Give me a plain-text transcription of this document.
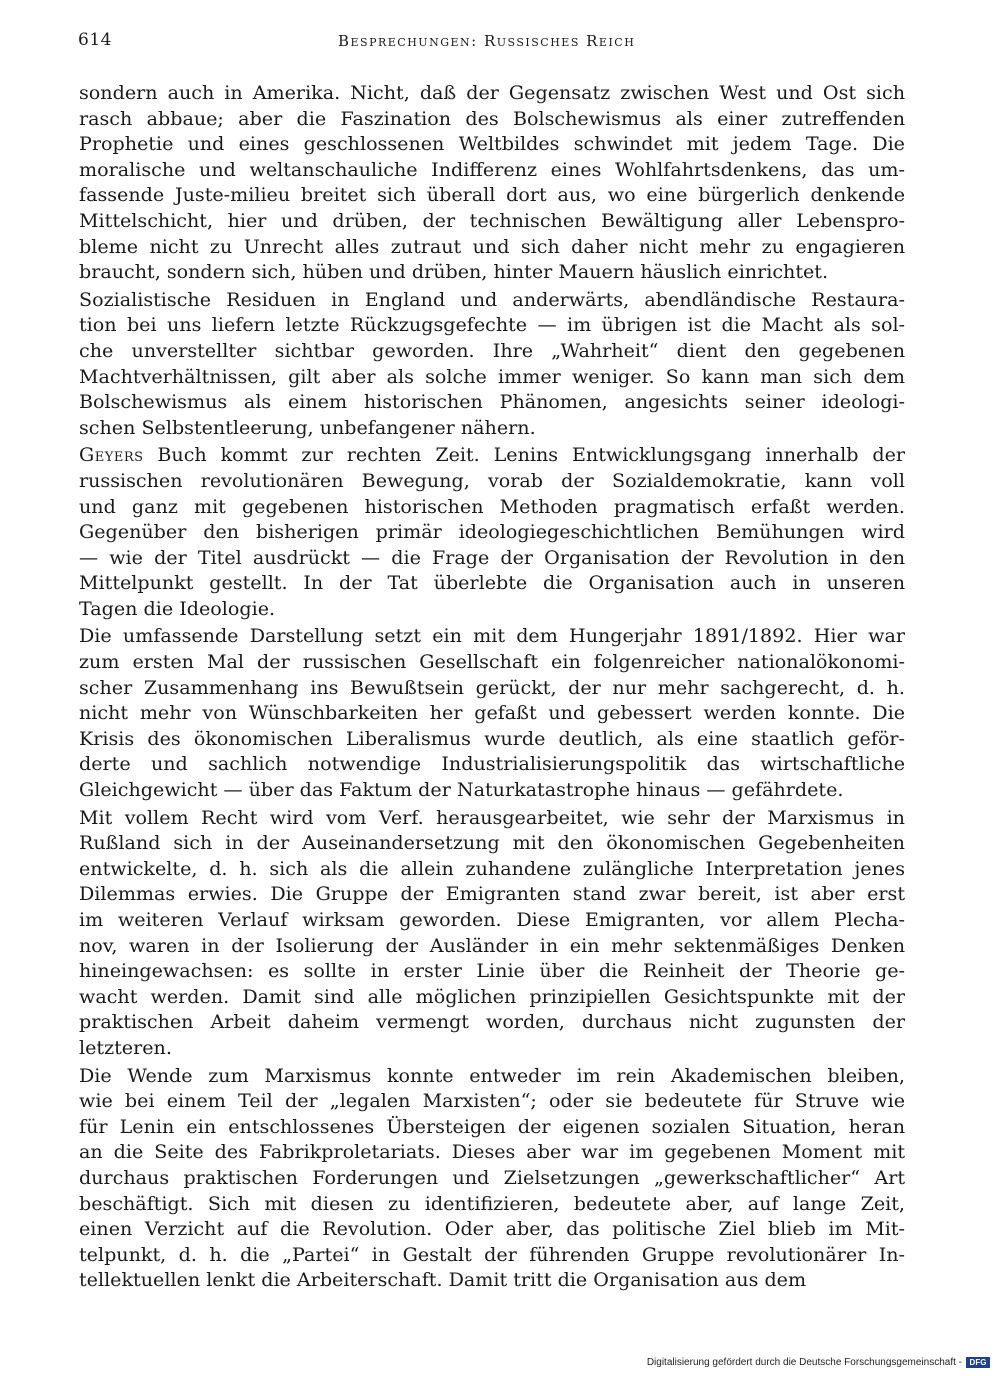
614	Besprechungen: Russisches Reich
sondern auch in Amerika. Nicht, daß der Gegensatz zwischen West und Ost sich
rasch abbaue; aber die Faszination des Bolschewismus als einer zutreffenden
Prophetie und eines geschlossenen Weltbildes schwindet mit jedem Tage. Die
moralische und weltanschauliche Indifferenz eines Wohlfahrtsdenkens, das um-
fassende Juste-milieu breitet sich überall dort aus, wo eine bürgerlich denkende
Mittelschicht, hier und drüben, der technischen Bewältigung aller Lebenspro-
bleme nicht zu Unrecht alles zutraut und sich daher nicht mehr zu engagieren
braucht, sondern sich, hüben und drüben, hinter Mauern häuslich einrichtet.
Sozialistische Residuen in England und anderwärts, abendländische Restaura-
tion bei uns liefern letzte Rückzugsgefechte — im übrigen ist die Macht als sol-
che unverstellter sichtbar geworden. Ihre „Wahrheit“ dient den gegebenen
Machtverhältnissen, gilt aber als solche immer weniger. So kann man sich dem
Bolschewismus als einem historischen Phänomen, angesichts seiner ideologi-
schen Selbstentleerung, unbefangener nähern.
Geyers Buch kommt zur rechten Zeit. Lenins Entwicklungsgang innerhalb der
russischen revolutionären Bewegung, vorab der Sozialdemokratie, kann voll
und ganz mit gegebenen historischen Methoden pragmatisch erfaßt werden.
Gegenüber den bisherigen primär ideologiegeschichtlichen Bemühungen wird
— wie der Titel ausdrückt — die Frage der Organisation der Revolution in den
Mittelpunkt gestellt. In der Tat überlebte die Organisation auch in unseren
Tagen die Ideologie.
Die umfassende Darstellung setzt ein mit dem Hungerjahr 1891/1892. Hier war
zum ersten Mal der russischen Gesellschaft ein folgenreicher nationalökonomi-
scher Zusammenhang ins Bewußtsein gerückt, der nur mehr sachgerecht, d. h.
nicht mehr von Wünschbarkeiten her gefaßt und gebessert werden konnte. Die
Krisis des ökonomischen Liberalismus wurde deutlich, als eine staatlich geför-
derte und sachlich notwendige Industrialisierungspolitik das wirtschaftliche
Gleichgewicht — über das Faktum der Naturkatastrophe hinaus — gefährdete.
Mit vollem Recht wird vom Verf. herausgearbeitet, wie sehr der Marxismus in
Rußland sich in der Auseinandersetzung mit den ökonomischen Gegebenheiten
entwickelte, d. h. sich als die allein zuhandene zulängliche Interpretation jenes
Dilemmas erwies. Die Gruppe der Emigranten stand zwar bereit, ist aber erst
im weiteren Verlauf wirksam geworden. Diese Emigranten, vor allem Plecha-
nov, waren in der Isolierung der Ausländer in ein mehr sektenmäßiges Denken
hineingewachsen: es sollte in erster Linie über die Reinheit der Theorie ge-
wacht werden. Damit sind alle möglichen prinzipiellen Gesichtspunkte mit der
praktischen Arbeit daheim vermengt worden, durchaus nicht zugunsten der
letzteren.
Die Wende zum Marxismus konnte entweder im rein Akademischen bleiben,
wie bei einem Teil der „legalen Marxisten“; oder sie bedeutete für Struve wie
für Lenin ein entschlossenes Übersteigen der eigenen sozialen Situation, heran
an die Seite des Fabrikproletariats. Dieses aber war im gegebenen Moment mit
durchaus praktischen Forderungen und Zielsetzungen „gewerkschaftlicher“ Art
beschäftigt. Sich mit diesen zu identifizieren, bedeutete aber, auf lange Zeit,
einen Verzicht auf die Revolution. Oder aber, das politische Ziel blieb im Mit-
telpunkt, d. h. die „Partei“ in Gestalt der führenden Gruppe revolutionärer In-
tellektuellen lenkt die Arbeiterschaft. Damit tritt die Organisation aus dem
Digitalisierung gefördert durch die Deutsche Forschungsgemeinschaft - DFG
